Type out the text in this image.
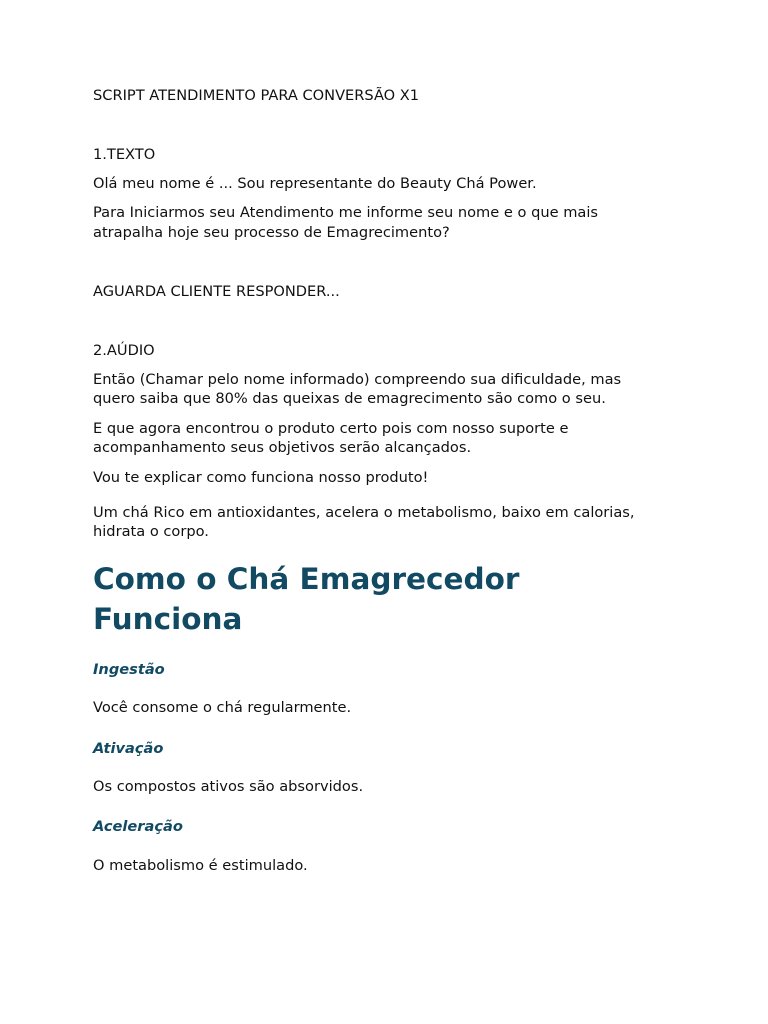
SCRIPT ATENDIMENTO PARA CONVERSÃO X1

1.TEXTO

Olá meu nome é ... Sou representante do Beauty Chá Power.

Para Iniciarmos seu Atendimento me informe seu nome e o que mais

atrapalha hoje seu processo de Emagrecimento?

AGUARDA CLIENTE RESPONDER...

2.AÚDIO

Então (Chamar pelo nome informado) compreendo sua dificuldade, mas

quero saiba que 80% das queixas de emagrecimento são como o seu.

E que agora encontrou o produto certo pois com nosso suporte e

acompanhamento seus objetivos serão alcançados.

Vou te explicar como funciona nosso produto!

Um chá Rico em antioxidantes, acelera o metabolismo, baixo em calorias,

hidrata o corpo.

Como o Chá Emagrecedor
Funciona
Ingestão

Você consome o chá regularmente.

Ativação

Os compostos ativos são absorvidos.

Aceleração

O metabolismo é estimulado.
